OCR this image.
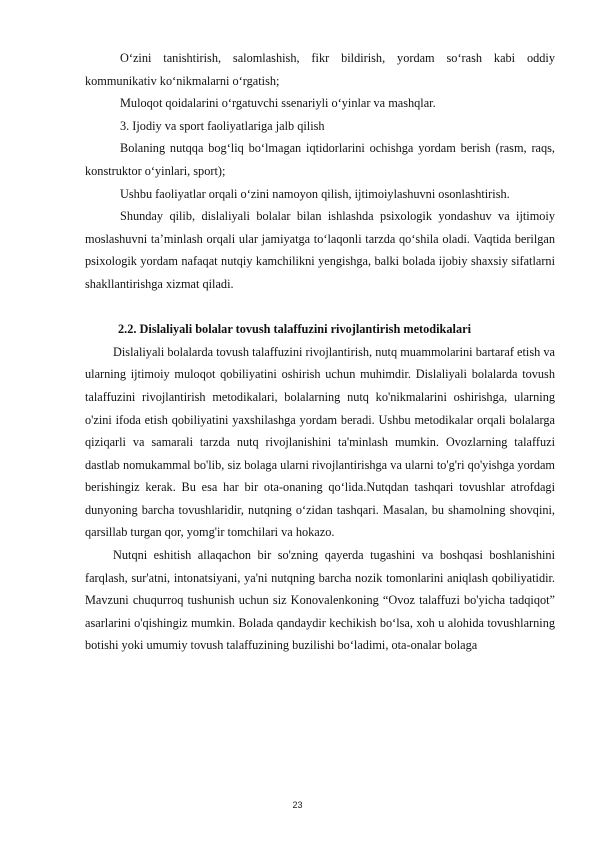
O‘zini tanishtirish, salomlashish, fikr bildirish, yordam so‘rash kabi oddiy kommunikativ ko‘nikmalarni o‘rgatish;

Muloqot qoidalarini o‘rgatuvchi ssenariyli o‘yinlar va mashqlar.

3. Ijodiy va sport faoliyatlariga jalb qilish

Bolaning nutqqa bog‘liq bo‘lmagan iqtidorlarini ochishga yordam berish (rasm, raqs, konstruktor o‘yinlari, sport);

Ushbu faoliyatlar orqali o‘zini namoyon qilish, ijtimoiylashuvni osonlashtirish.

Shunday qilib, dislaliyali bolalar bilan ishlashda psixologik yondashuv va ijtimoiy moslashuvni ta’minlash orqali ular jamiyatga to‘laqonli tarzda qo‘shila oladi. Vaqtida berilgan psixologik yordam nafaqat nutqiy kamchilikni yengishga, balki bolada ijobiy shaxsiy sifatlarni shakllantirishga xizmat qiladi.

2.2. Dislaliyali bolalar tovush talaffuzini rivojlantirish metodikalari

Dislaliyali bolalarda tovush talaffuzini rivojlantirish, nutq muammolarini bartaraf etish va ularning ijtimoiy muloqot qobiliyatini oshirish uchun muhimdir. Dislaliyali bolalarda tovush talaffuzini rivojlantirish metodikalari, bolalarning nutq ko'nikmalarini oshirishga, ularning o'zini ifoda etish qobiliyatini yaxshilashga yordam beradi. Ushbu metodikalar orqali bolalarga qiziqarli va samarali tarzda nutq rivojlanishini ta'minlash mumkin. Ovozlarning talaffuzi dastlab nomukammal bo'lib, siz bolaga ularni rivojlantirishga va ularni to'g'ri qo'yishga yordam berishingiz kerak. Bu esa har bir ota-onaning qo‘lida.Nutqdan tashqari tovushlar atrofdagi dunyoning barcha tovushlaridir, nutqning o‘zidan tashqari. Masalan, bu shamolning shovqini, qarsillab turgan qor, yomg'ir tomchilari va hokazo.

Nutqni eshitish allaqachon bir so'zning qayerda tugashini va boshqasi boshlanishini farqlash, sur'atni, intonatsiyani, ya'ni nutqning barcha nozik tomonlarini aniqlash qobiliyatidir. Mavzuni chuqurroq tushunish uchun siz Konovalenkoning “Ovoz talaffuzi bo'yicha tadqiqot” asarlarini o'qishingiz mumkin. Bolada qandaydir kechikish bo‘lsa, xoh u alohida tovushlarning botishi yoki umumiy tovush talaffuzining buzilishi bo‘ladimi, ota-onalar bolaga

23
